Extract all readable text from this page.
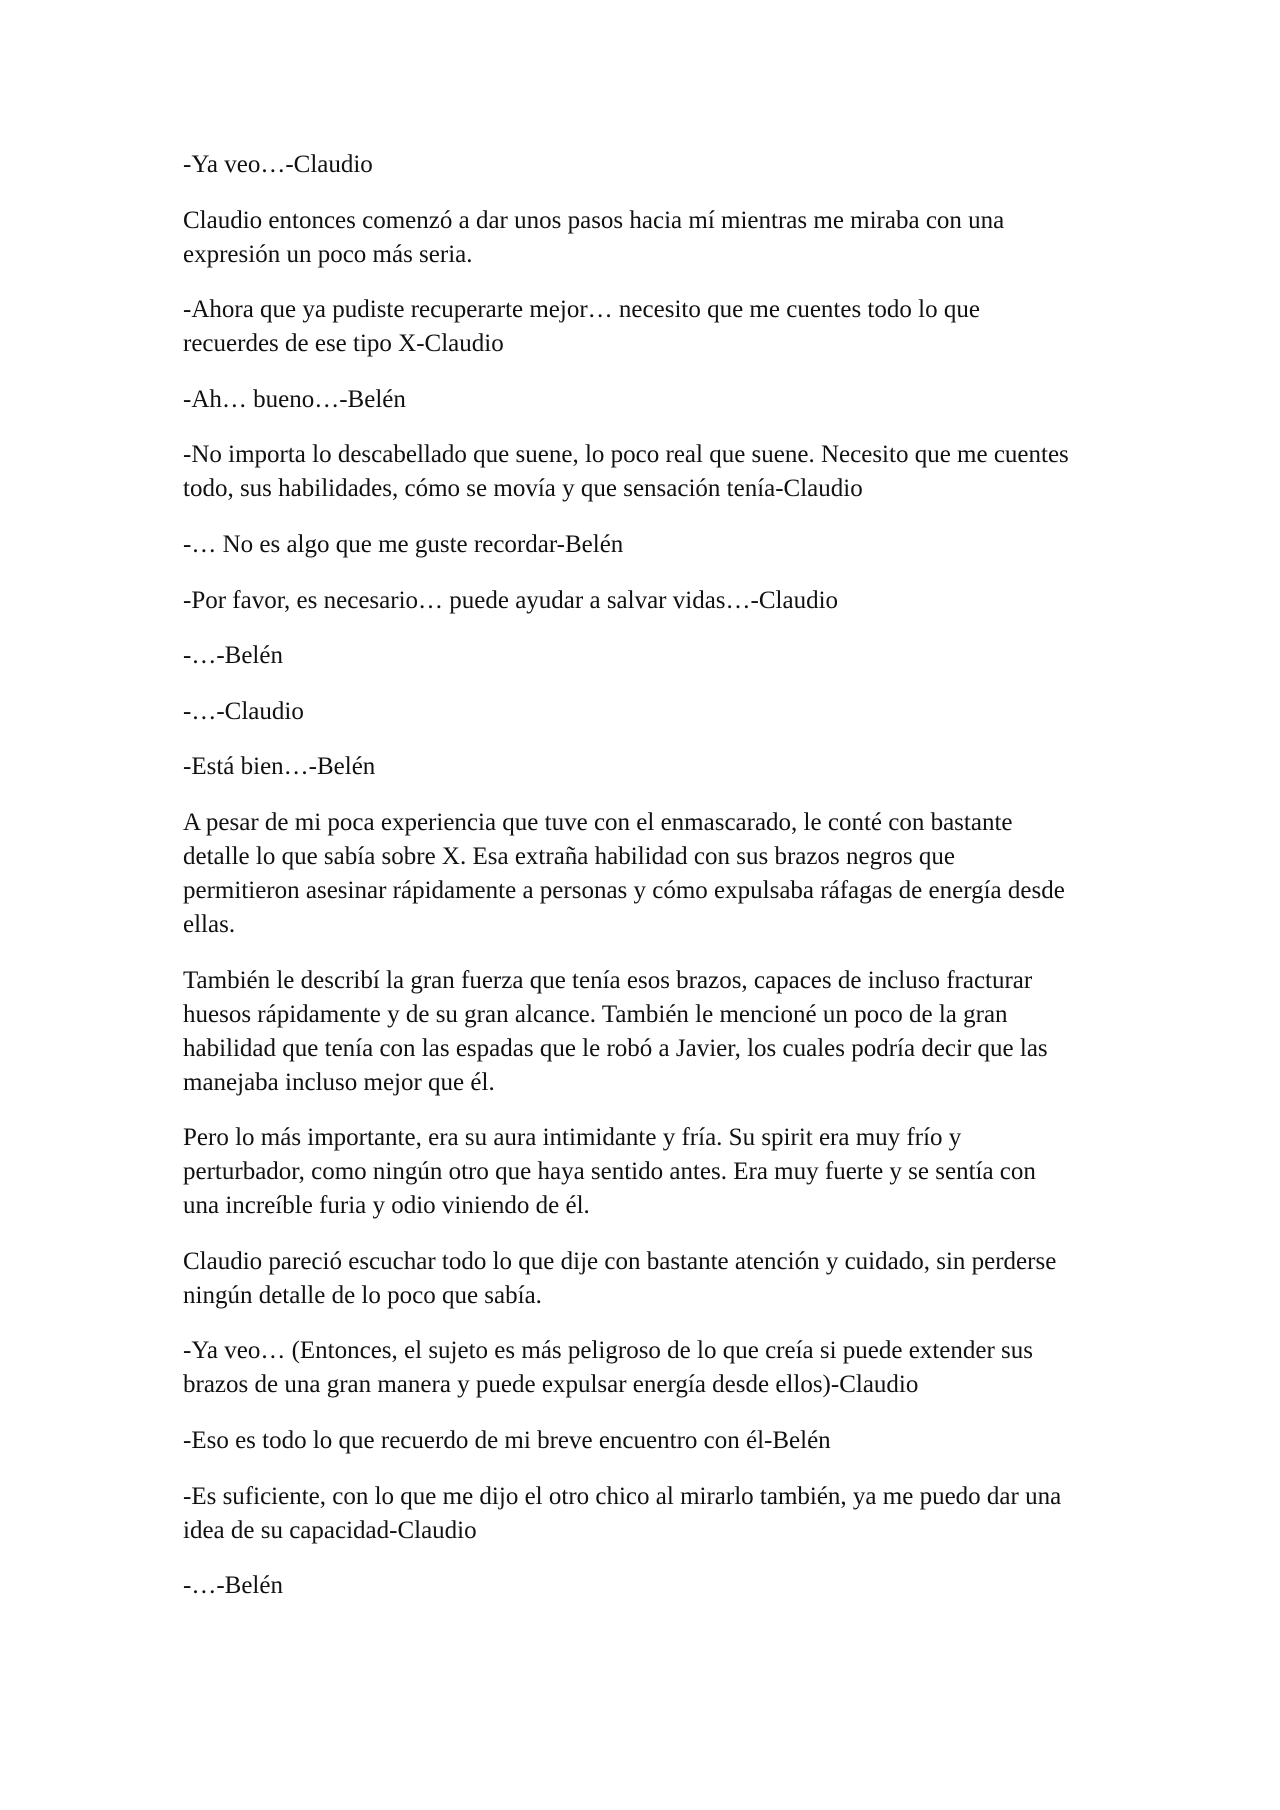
-Ya veo…-Claudio

Claudio entonces comenzó a dar unos pasos hacia mí mientras me miraba con una
expresión un poco más seria.

-Ahora que ya pudiste recuperarte mejor… necesito que me cuentes todo lo que
recuerdes de ese tipo X-Claudio

-Ah… bueno…-Belén

-No importa lo descabellado que suene, lo poco real que suene. Necesito que me cuentes
todo, sus habilidades, cómo se movía y que sensación tenía-Claudio

-… No es algo que me guste recordar-Belén

-Por favor, es necesario… puede ayudar a salvar vidas…-Claudio

-…-Belén

-…-Claudio

-Está bien…-Belén

A pesar de mi poca experiencia que tuve con el enmascarado, le conté con bastante
detalle lo que sabía sobre X. Esa extraña habilidad con sus brazos negros que
permitieron asesinar rápidamente a personas y cómo expulsaba ráfagas de energía desde
ellas.

También le describí la gran fuerza que tenía esos brazos, capaces de incluso fracturar
huesos rápidamente y de su gran alcance. También le mencioné un poco de la gran
habilidad que tenía con las espadas que le robó a Javier, los cuales podría decir que las
manejaba incluso mejor que él.

Pero lo más importante, era su aura intimidante y fría. Su spirit era muy frío y
perturbador, como ningún otro que haya sentido antes. Era muy fuerte y se sentía con
una increíble furia y odio viniendo de él.

Claudio pareció escuchar todo lo que dije con bastante atención y cuidado, sin perderse
ningún detalle de lo poco que sabía.

-Ya veo… (Entonces, el sujeto es más peligroso de lo que creía si puede extender sus
brazos de una gran manera y puede expulsar energía desde ellos)-Claudio

-Eso es todo lo que recuerdo de mi breve encuentro con él-Belén

-Es suficiente, con lo que me dijo el otro chico al mirarlo también, ya me puedo dar una
idea de su capacidad-Claudio

-…-Belén
